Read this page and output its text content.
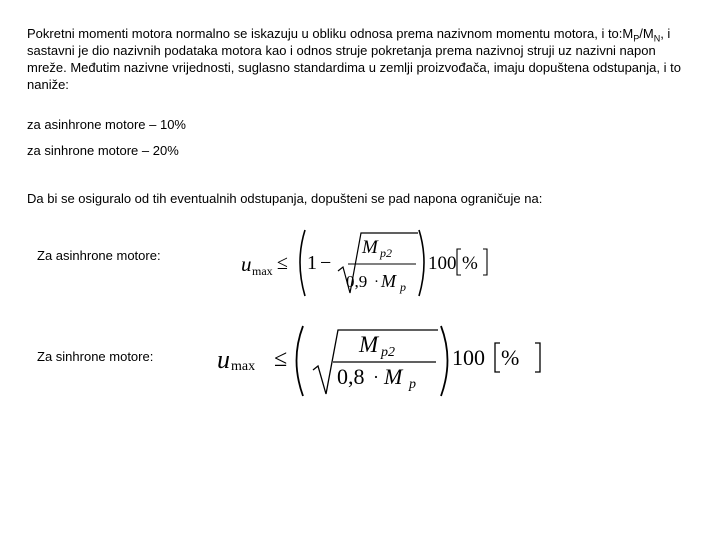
Pokretni momenti motora normalno se iskazuju u obliku odnosa prema nazivnom momentu motora, i $to:M_P/M_N$, i sastavni je dio nazivnih podataka motora kao i odnos struje pokretanja prema nazivnoj struji uz nazivni napon mreže. Međutim nazivne vrijednosti, suglasno standardima u zemlji proizvođača, imaju dopuštena odstupanja, i to naniže:
za asinhrone motore – 10%
za sinhrone motore – 20%
Da bi se osiguralo od tih eventualnih odstupanja, dopušteni se pad napona ograničuje na:
Za asinhrone motore:	u max ≤ 1 −
M p2
0,9 · M p
100 %
Za sinhrone motore: u max ≤
M p2
0,8 · M p
100 %
